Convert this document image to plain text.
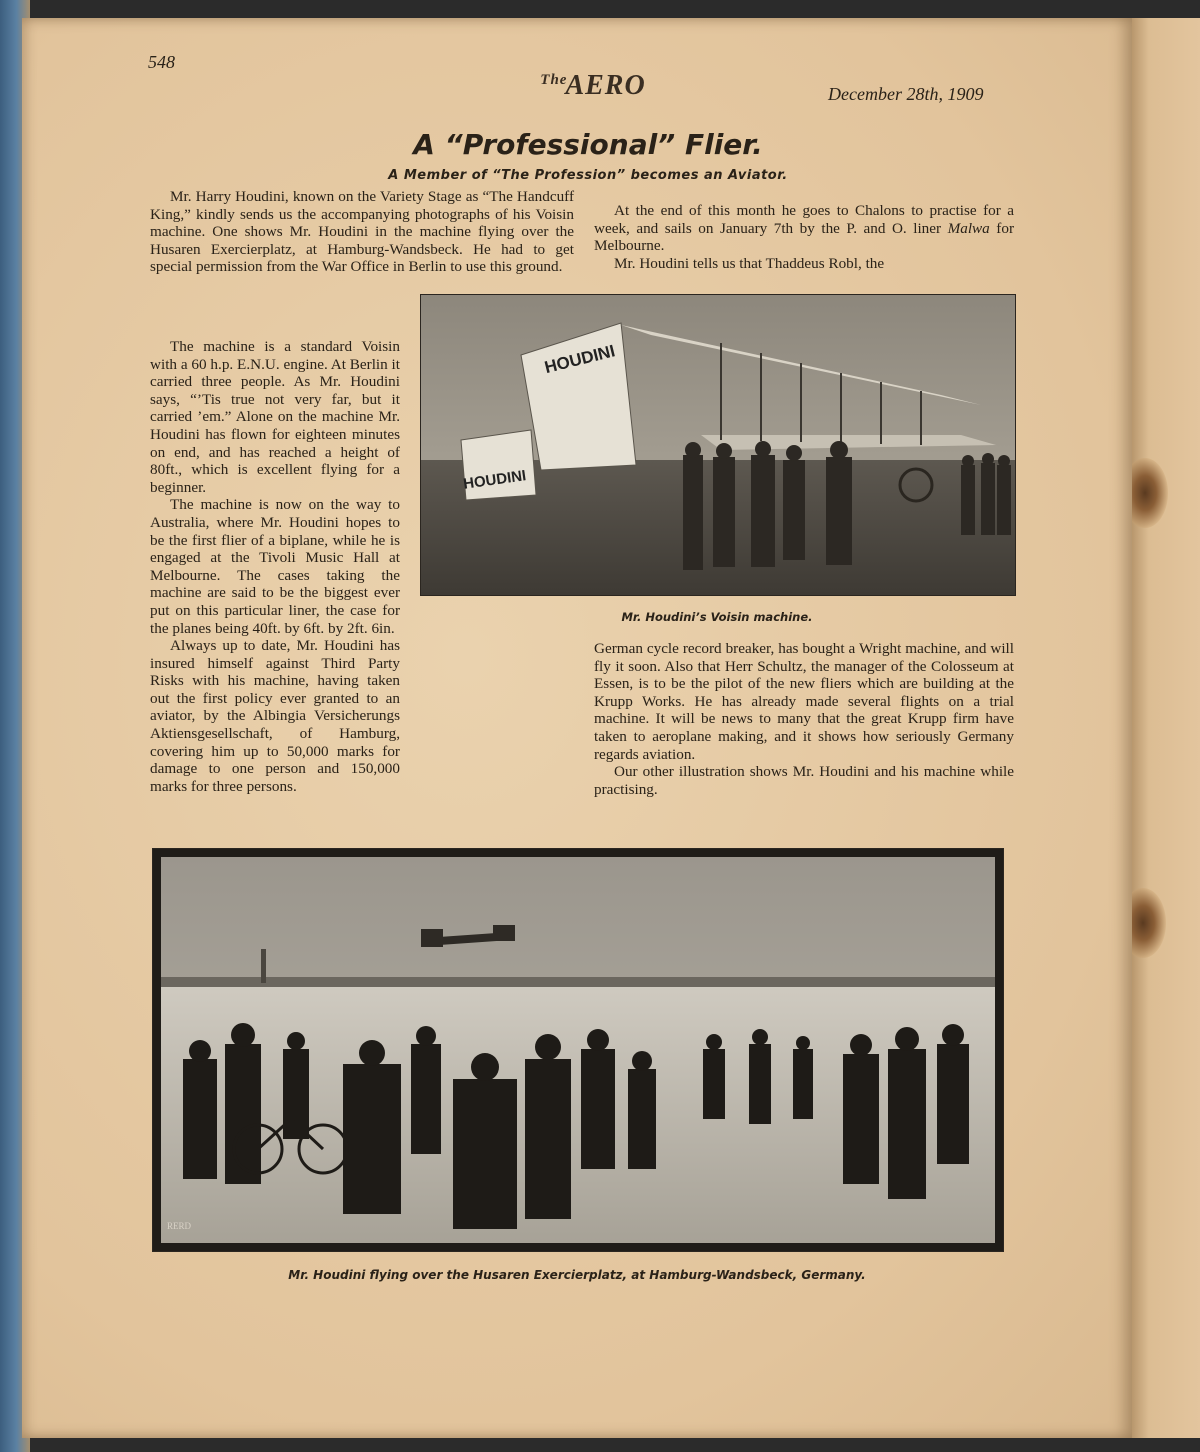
548
$^{The}$AERO	December 28th, 1909
A “Professional” Flier.
A Member of “The Profession” becomes an Aviator.

Mr. Harry Houdini, known on the Variety Stage as “The Handcuff King,” kindly sends us the accompanying photographs of his Voisin machine. One shows Mr. Houdini in the machine flying over the Husaren Exercierplatz, at Hamburg-Wandsbeck. He had to get special permission from the War Office in Berlin to use this ground.

The machine is a standard Voisin with a 60 h.p. E.N.U. engine. At Berlin it carried three people. As Mr. Houdini says, “’Tis true not very far, but it carried ’em.” Alone on the machine Mr. Houdini has flown for eighteen minutes on end, and has reached a height of 80ft., which is excellent flying for a beginner.

The machine is now on the way to Australia, where Mr. Houdini hopes to be the first flier of a biplane, while he is engaged at the Tivoli Music Hall at Melbourne. The cases taking the machine are said to be the biggest ever put on this particular liner, the case for the planes being 40ft. by 6ft. by 2ft. 6in.

Always up to date, Mr. Houdini has insured himself against Third Party Risks with his machine, having taken out the first policy ever granted to an aviator, by the Albingia Versicherungs Aktiensgesellschaft, of Hamburg, covering him up to 50,000 marks for damage to one person and 150,000 marks for three persons.

At the end of this month he goes to Chalons to practise for a week, and sails on January 7th by the P. and O. liner Malwa for Melbourne.

Mr. Houdini tells us that Thaddeus Robl, the

German cycle record breaker, has bought a Wright machine, and will fly it soon. Also that Herr Schultz, the manager of the Colosseum at Essen, is to be the pilot of the new fliers which are building at the Krupp Works. He has already made several flights on a trial machine. It will be news to many that the great Krupp firm have taken to aeroplane making, and it shows how seriously Germany regards aviation.

Our other illustration shows Mr. Houdini and his machine while practising.

HOUDINI
HOUDINI
Mr. Houdini’s Voisin machine.
RERD
Mr. Houdini flying over the Husaren Exercierplatz, at Hamburg-Wandsbeck, Germany.
